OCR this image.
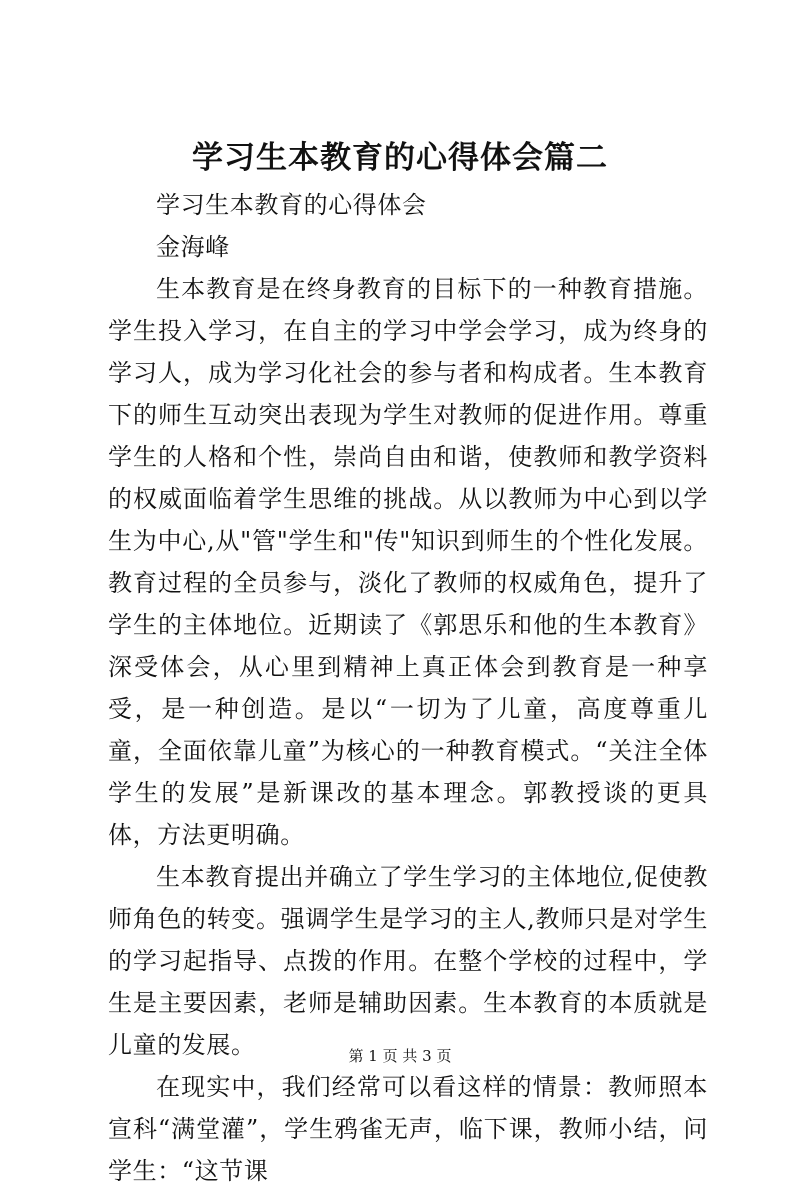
学习生本教育的心得体会篇二

学习生本教育的心得体会

金海峰

生本教育是在终身教育的目标下的一种教育措施。学生投入学习，在自主的学习中学会学习，成为终身的学习人，成为学习化社会的参与者和构成者。生本教育下的师生互动突出表现为学生对教师的促进作用。尊重学生的人格和个性，崇尚自由和谐，使教师和教学资料的权威面临着学生思维的挑战。从以教师为中心到以学生为中心,从"管"学生和"传"知识到师生的个性化发展。教育过程的全员参与，淡化了教师的权威角色，提升了学生的主体地位。近期读了《郭思乐和他的生本教育》深受体会，从心里到精神上真正体会到教育是一种享受，是一种创造。是以“一切为了儿童，高度尊重儿童，全面依靠儿童”为核心的一种教育模式。“关注全体学生的发展”是新课改的基本理念。郭教授谈的更具体，方法更明确。

生本教育提出并确立了学生学习的主体地位,促使教师角色的转变。强调学生是学习的主人,教师只是对学生的学习起指导、点拨的作用。在整个学校的过程中，学生是主要因素，老师是辅助因素。生本教育的本质就是儿童的发展。

在现实中，我们经常可以看这样的情景：教师照本宣科“满堂灌”，学生鸦雀无声，临下课，教师小结，问学生：“这节课

第 1 页 共 3 页
